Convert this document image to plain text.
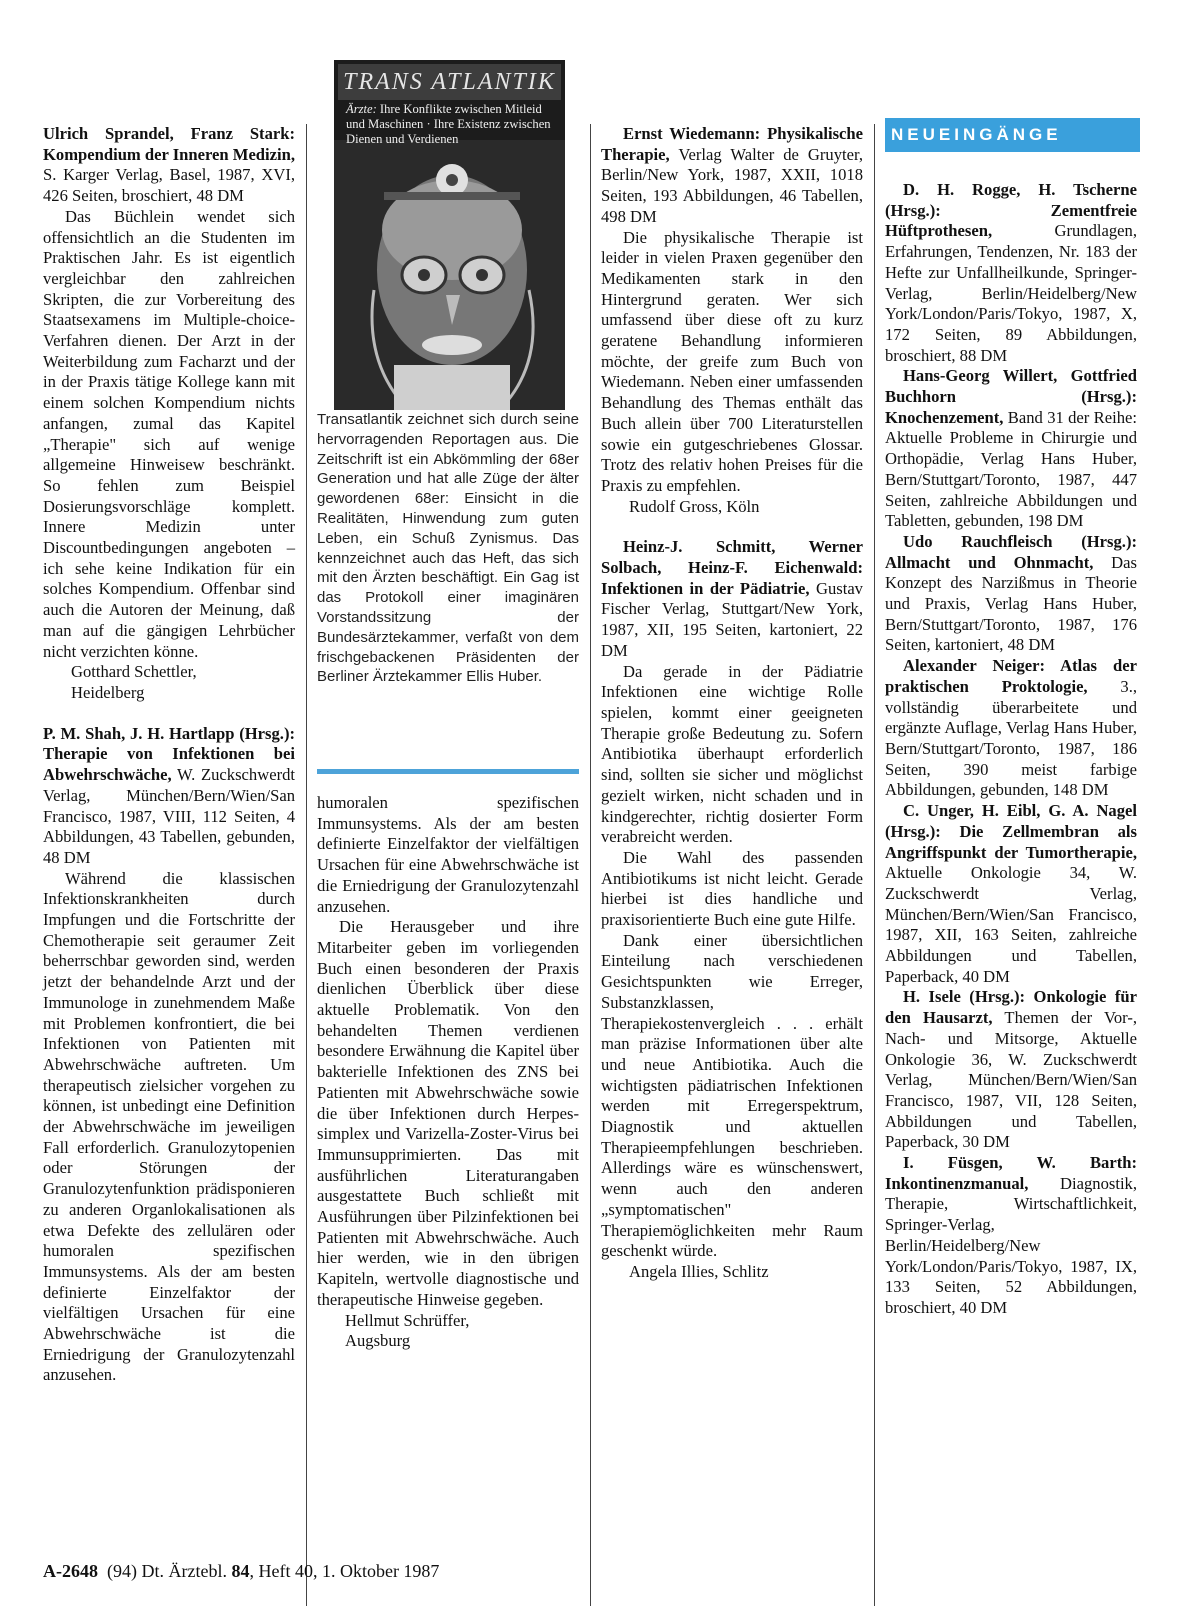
Ulrich Sprandel, Franz Stark: Kompendium der Inneren Medizin, S. Karger Verlag, Basel, 1987, XVI, 426 Seiten, broschiert, 48 DM

Das Büchlein wendet sich offensichtlich an die Studenten im Praktischen Jahr. Es ist eigentlich vergleichbar den zahlreichen Skripten, die zur Vorbereitung des Staatsexamens im Multiple-choice-Verfahren dienen. Der Arzt in der Weiterbildung zum Facharzt und der in der Praxis tätige Kollege kann mit einem solchen Kompendium nichts anfangen, zumal das Kapitel „Therapie" sich auf wenige allgemeine Hinweisew beschränkt. So fehlen zum Beispiel Dosierungsvorschläge komplett. Innere Medizin unter Discountbedingungen angeboten – ich sehe keine Indikation für ein solches Kompendium. Offenbar sind auch die Autoren der Meinung, daß man auf die gängigen Lehrbücher nicht verzichten könne.

Gotthard Schettler,

Heidelberg

P. M. Shah, J. H. Hartlapp (Hrsg.): Therapie von Infektionen bei Abwehrschwäche, W. Zuckschwerdt Verlag, München/Bern/Wien/San Francisco, 1987, VIII, 112 Seiten, 4 Abbildungen, 43 Tabellen, gebunden, 48 DM

Während die klassischen Infektionskrankheiten durch Impfungen und die Fortschritte der Chemotherapie seit geraumer Zeit beherrschbar geworden sind, werden jetzt der behandelnde Arzt und der Immunologe in zunehmendem Maße mit Problemen konfrontiert, die bei Infektionen von Patienten mit Abwehrschwäche auftreten. Um therapeutisch zielsicher vorgehen zu können, ist unbedingt eine Definition der Abwehrschwäche im jeweiligen Fall erforderlich. Granulozytopenien oder Störungen der Granulozytenfunktion prädisponieren zu anderen Organlokalisationen als etwa Defekte des zellulären oder humoralen spezifischen Immunsystems. Als der am besten definierte Einzelfaktor der vielfältigen Ursachen für eine Abwehrschwäche ist die Erniedrigung der Granulozytenzahl anzusehen.

TRANS ATLANTIK
Ärzte: Ihre Konflikte zwischen Mitleid und Maschinen · Ihre Existenz zwischen Dienen und Verdienen
Transatlantik zeichnet sich durch seine hervorragenden Reportagen aus. Die Zeitschrift ist ein Abkömmling der 68er Generation und hat alle Züge der älter gewordenen 68er: Einsicht in die Realitäten, Hinwendung zum guten Leben, ein Schuß Zynismus. Das kennzeichnet auch das Heft, das sich mit den Ärzten beschäftigt. Ein Gag ist das Protokoll einer imaginären Vorstandssitzung der Bundesärztekammer, verfaßt von dem frischgebackenen Präsidenten der Berliner Ärztekammer Ellis Huber.

humoralen spezifischen Immunsystems. Als der am besten definierte Einzelfaktor der vielfältigen Ursachen für eine Abwehrschwäche ist die Erniedrigung der Granulozytenzahl anzusehen.

Die Herausgeber und ihre Mitarbeiter geben im vorliegenden Buch einen besonderen der Praxis dienlichen Überblick über diese aktuelle Problematik. Von den behandelten Themen verdienen besondere Erwähnung die Kapitel über bakterielle Infektionen des ZNS bei Patienten mit Abwehrschwäche sowie die über Infektionen durch Herpes-simplex und Varizella-Zoster-Virus bei Immunsupprimierten. Das mit ausführlichen Literaturangaben ausgestattete Buch schließt mit Ausführungen über Pilzinfektionen bei Patienten mit Abwehrschwäche. Auch hier werden, wie in den übrigen Kapiteln, wertvolle diagnostische und therapeutische Hinweise gegeben.

Hellmut Schrüffer,

Augsburg

Ernst Wiedemann: Physikalische Therapie, Verlag Walter de Gruyter, Berlin/New York, 1987, XXII, 1018 Seiten, 193 Abbildungen, 46 Tabellen, 498 DM

Die physikalische Therapie ist leider in vielen Praxen gegenüber den Medikamenten stark in den Hintergrund geraten. Wer sich umfassend über diese oft zu kurz geratene Behandlung informieren möchte, der greife zum Buch von Wiedemann. Neben einer umfassenden Behandlung des Themas enthält das Buch allein über 700 Literaturstellen sowie ein gutgeschriebenes Glossar. Trotz des relativ hohen Preises für die Praxis zu empfehlen.

Rudolf Gross, Köln

Heinz-J. Schmitt, Werner Solbach, Heinz-F. Eichenwald: Infektionen in der Pädiatrie, Gustav Fischer Verlag, Stuttgart/New York, 1987, XII, 195 Seiten, kartoniert, 22 DM

Da gerade in der Pädiatrie Infektionen eine wichtige Rolle spielen, kommt einer geeigneten Therapie große Bedeutung zu. Sofern Antibiotika überhaupt erforderlich sind, sollten sie sicher und möglichst gezielt wirken, nicht schaden und in kindgerechter, richtig dosierter Form verabreicht werden.

Die Wahl des passenden Antibiotikums ist nicht leicht. Gerade hierbei ist dies handliche und praxisorientierte Buch eine gute Hilfe.

Dank einer übersichtlichen Einteilung nach verschiedenen Gesichtspunkten wie Erreger, Substanzklassen, Therapiekostenvergleich . . . erhält man präzise Informationen über alte und neue Antibiotika. Auch die wichtigsten pädiatrischen Infektionen werden mit Erregerspektrum, Diagnostik und aktuellen Therapieempfehlungen beschrieben. Allerdings wäre es wünschenswert, wenn auch den anderen „symptomatischen" Therapiemöglichkeiten mehr Raum geschenkt würde.

Angela Illies, Schlitz

NEUEINGÄNGE

D. H. Rogge, H. Tscherne (Hrsg.): Zementfreie Hüftprothesen, Grundlagen, Erfahrungen, Tendenzen, Nr. 183 der Hefte zur Unfallheilkunde, Springer-Verlag, Berlin/Heidelberg/New York/London/Paris/Tokyo, 1987, X, 172 Seiten, 89 Abbildungen, broschiert, 88 DM

Hans-Georg Willert, Gottfried Buchhorn (Hrsg.): Knochenzement, Band 31 der Reihe: Aktuelle Probleme in Chirurgie und Orthopädie, Verlag Hans Huber, Bern/Stuttgart/Toronto, 1987, 447 Seiten, zahlreiche Abbildungen und Tabletten, gebunden, 198 DM

Udo Rauchfleisch (Hrsg.): Allmacht und Ohnmacht, Das Konzept des Narzißmus in Theorie und Praxis, Verlag Hans Huber, Bern/Stuttgart/Toronto, 1987, 176 Seiten, kartoniert, 48 DM

Alexander Neiger: Atlas der praktischen Proktologie, 3., vollständig überarbeitete und ergänzte Auflage, Verlag Hans Huber, Bern/Stuttgart/Toronto, 1987, 186 Seiten, 390 meist farbige Abbildungen, gebunden, 148 DM

C. Unger, H. Eibl, G. A. Nagel (Hrsg.): Die Zellmembran als Angriffspunkt der Tumortherapie, Aktuelle Onkologie 34, W. Zuckschwerdt Verlag, München/Bern/Wien/San Francisco, 1987, XII, 163 Seiten, zahlreiche Abbildungen und Tabellen, Paperback, 40 DM

H. Isele (Hrsg.): Onkologie für den Hausarzt, Themen der Vor-, Nach- und Mitsorge, Aktuelle Onkologie 36, W. Zuckschwerdt Verlag, München/Bern/Wien/San Francisco, 1987, VII, 128 Seiten, Abbildungen und Tabellen, Paperback, 30 DM

I. Füsgen, W. Barth: Inkontinenzmanual, Diagnostik, Therapie, Wirtschaftlichkeit, Springer-Verlag, Berlin/Heidelberg/New York/London/Paris/Tokyo, 1987, IX, 133 Seiten, 52 Abbildungen, broschiert, 40 DM

A-2648  (94) Dt. Ärztebl. 84, Heft 40, 1. Oktober 1987
